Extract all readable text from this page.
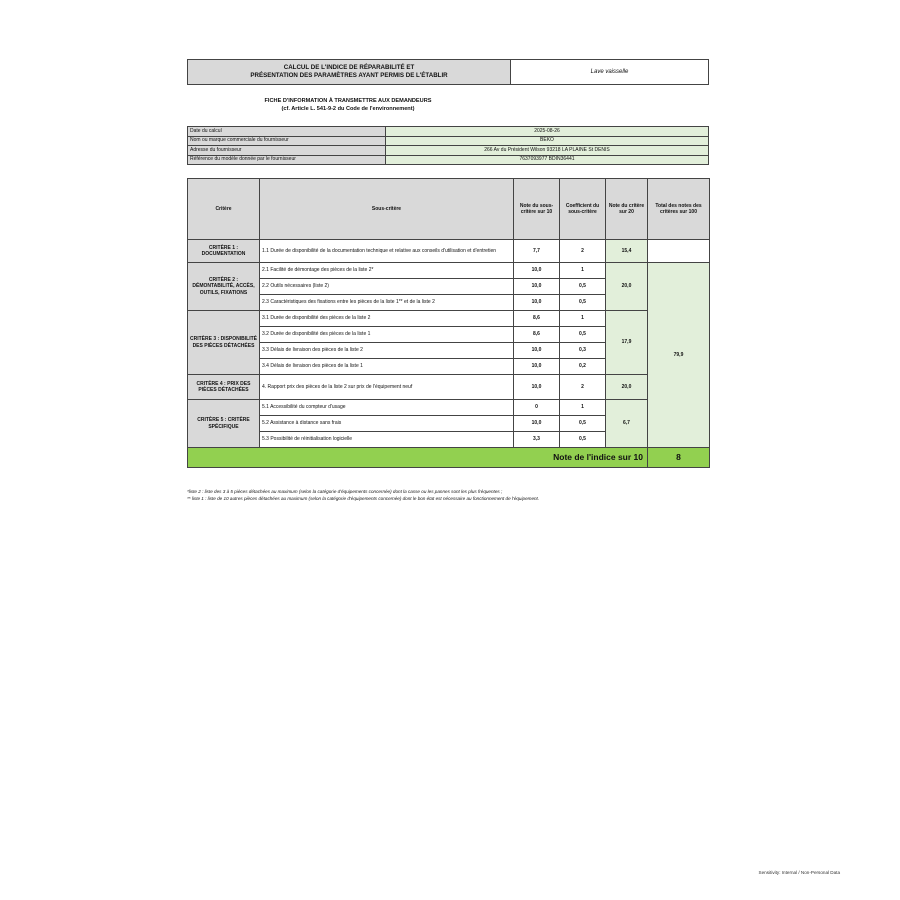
CALCUL DE L'INDICE DE RÉPARABILITÉ ET
PRÉSENTATION DES PARAMÈTRES AYANT PERMIS DE L'ÉTABLIR	Lave vaisselle
FICHE D'INFORMATION À TRANSMETTRE AUX DEMANDEURS
(cf. Article L. 541-9-2 du Code de l'environnement)
Date du calcul	2025-08-26
Nom ou marque commerciale du fournisseur	BEKO
Adresse du fournisseur	266 Av du Président Wilson 93218 LA PLAINE St DENIS
Référence du modèle donnée par le fournisseur	7637093977 BDIN36441
Critère	Sous-critère	Note du sous-critère sur 10	Coefficient du sous-critère	Note du critère sur 20	Total des notes des critères sur 100
CRITÈRE 1 : DOCUMENTATION	1.1 Durée de disponibilité de la documentation technique et relative aux conseils d'utilisation et d'entretien	7,7	2	15,4	
CRITÈRE 2 : DÉMONTABILITÉ, ACCÈS, OUTILS, FIXATIONS	2.1 Facilité de démontage des pièces de la liste 2*	10,0	1	20,0	79,9
	2.2 Outils nécessaires (liste 2)	10,0	0,5		
	2.3 Caractéristiques des fixations entre les pièces de la liste 1** et de la liste 2	10,0	0,5		
CRITÈRE 3 : DISPONIBILITÉ DES PIÈCES DÉTACHÉES	3.1 Durée de disponibilité des pièces de la liste 2	8,6	1	17,9	
	3.2 Durée de disponibilité des pièces de la liste 1	8,6	0,5		
	3.3 Délais de livraison des pièces de la liste 2	10,0	0,3		
	3.4 Délais de livraison des pièces de la liste 1	10,0	0,2		
CRITÈRE 4 : PRIX DES PIÈCES DÉTACHÉES	4. Rapport prix des pièces de la liste 2 sur prix de l'équipement neuf	10,0	2	20,0	
CRITÈRE 5 : CRITÈRE SPÉCIFIQUE	5.1 Accessibilité du compteur d'usage	0	1	6,7	
	5.2 Assistance à distance sans frais	10,0	0,5		
	5.3 Possibilité de réinitialisation logicielle	3,3	0,5		
Note de l'indice sur 10					8
*liste 2 : liste des 3 à 5 pièces détachées au maximum (selon la catégorie d'équipements concernée) dont la casse ou les pannes sont les plus fréquentes ;
** liste 1 : liste de 10 autres pièces détachées au maximum (selon la catégorie d'équipements concernée) dont le bon état est nécessaire au fonctionnement de l'équipement.
Sensitivity: Internal / Non-Personal Data
